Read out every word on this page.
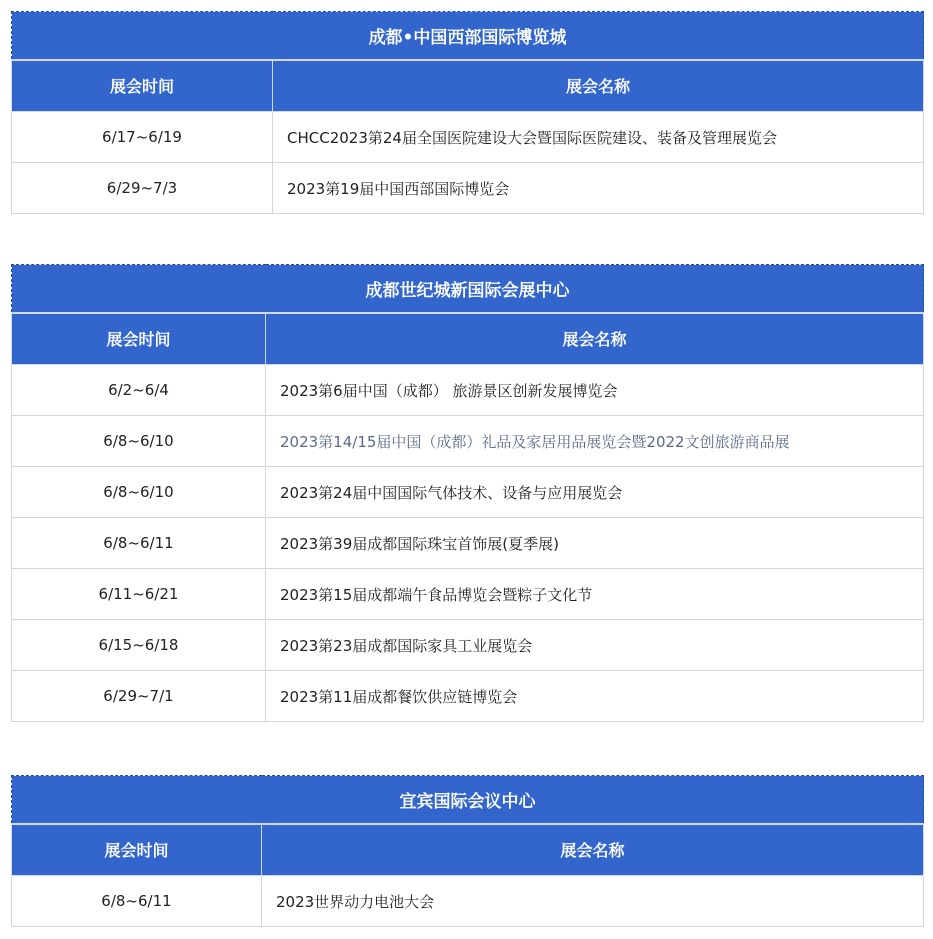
成都•中国西部国际博览城	
展会时间	展会名称
6/17~6/19	CHCC2023第24届全国医院建设大会暨国际医院建设、装备及管理展览会
6/29~7/3	2023第19届中国西部国际博览会
成都世纪城新国际会展中心	
展会时间	展会名称
6/2~6/4	2023第6届中国（成都） 旅游景区创新发展博览会
6/8~6/10	2023第14/15届中国（成都）礼品及家居用品展览会暨2022文创旅游商品展
6/8~6/10	2023第24届中国国际气体技术、设备与应用展览会
6/8~6/11	2023第39届成都国际珠宝首饰展(夏季展)
6/11~6/21	2023第15届成都端午食品博览会暨粽子文化节
6/15~6/18	2023第23届成都国际家具工业展览会
6/29~7/1	2023第11届成都餐饮供应链博览会
宜宾国际会议中心	
展会时间	展会名称
6/8~6/11	2023世界动力电池大会
